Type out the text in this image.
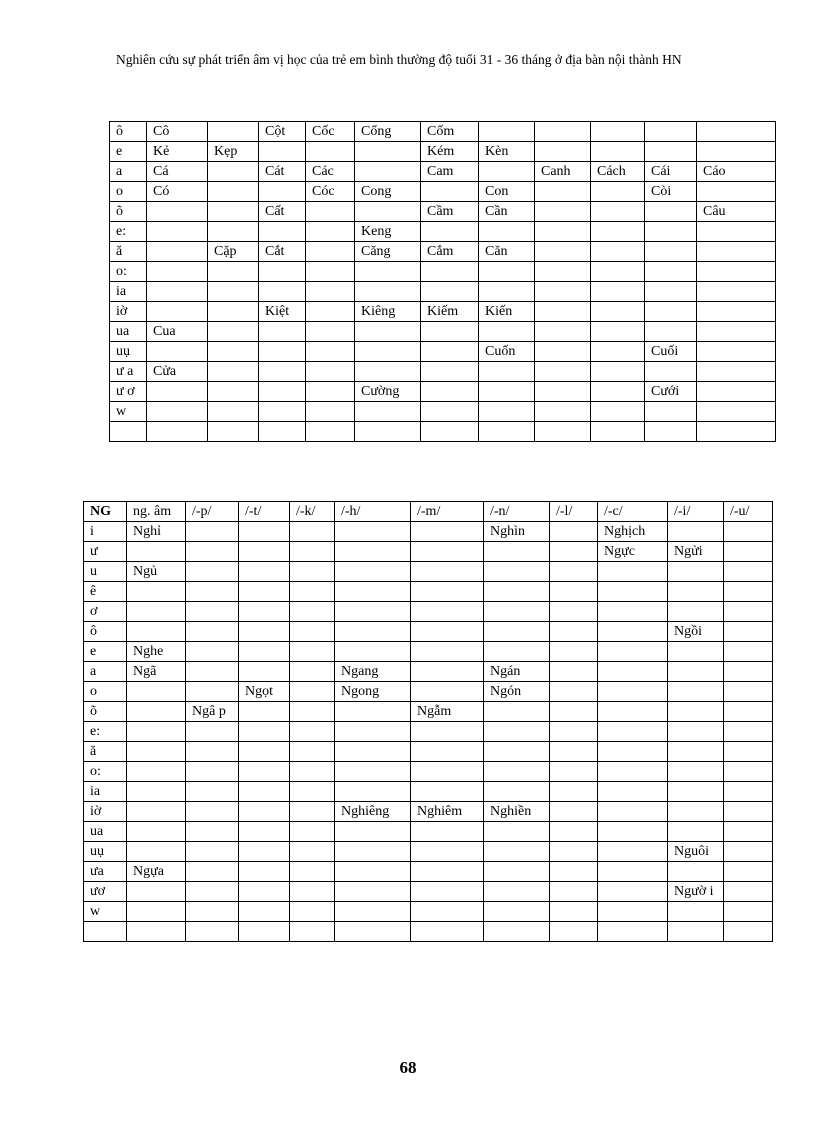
Nghiên cứu sự phát triển âm vị học của trẻ em bình thường độ tuổi 31 - 36 tháng ở địa bàn nội thành HN
ô	Cô		Cột	Cốc	Cổng	Cốm					
e	Kẻ	Kẹp				Kém	Kèn				
a	Cá		Cát	Các		Cam		Canh	Cách	Cái	Cáo
o	Có			Cóc	Cong		Con			Còi	
õ			Cất			Cầm	Cần				Câu
e:					Keng						
ă		Cặp	Cắt		Căng	Cắm	Căn				
o:											
ia											
iờ			Kiệt		Kiêng	Kiếm	Kiến				
ua	Cua										
uụ							Cuốn			Cuối	
ư a	Cửa										
ư ơ					Cường					Cưới	
w											

NG	ng. âm	/-p/	/-t/	/-k/	/-h/	/-m/	/-n/	/-l/	/-c/	/-i/	/-u/
i	Nghỉ						Nghìn		Nghịch		
ư									Ngực	Ngửi	
u	Ngủ										
ê											
ơ											
ô										Ngồi	
e	Nghe										
a	Ngã				Ngang		Ngán				
o			Ngọt		Ngong		Ngón				
õ		Ngâ p				Ngẫm					
e:											
ă											
o:											
ia											
iờ					Nghiêng	Nghiêm	Nghiền				
ua											
uụ										Nguôi	
ưa	Ngựa										
ươ										Ngườ i	
w											

68
